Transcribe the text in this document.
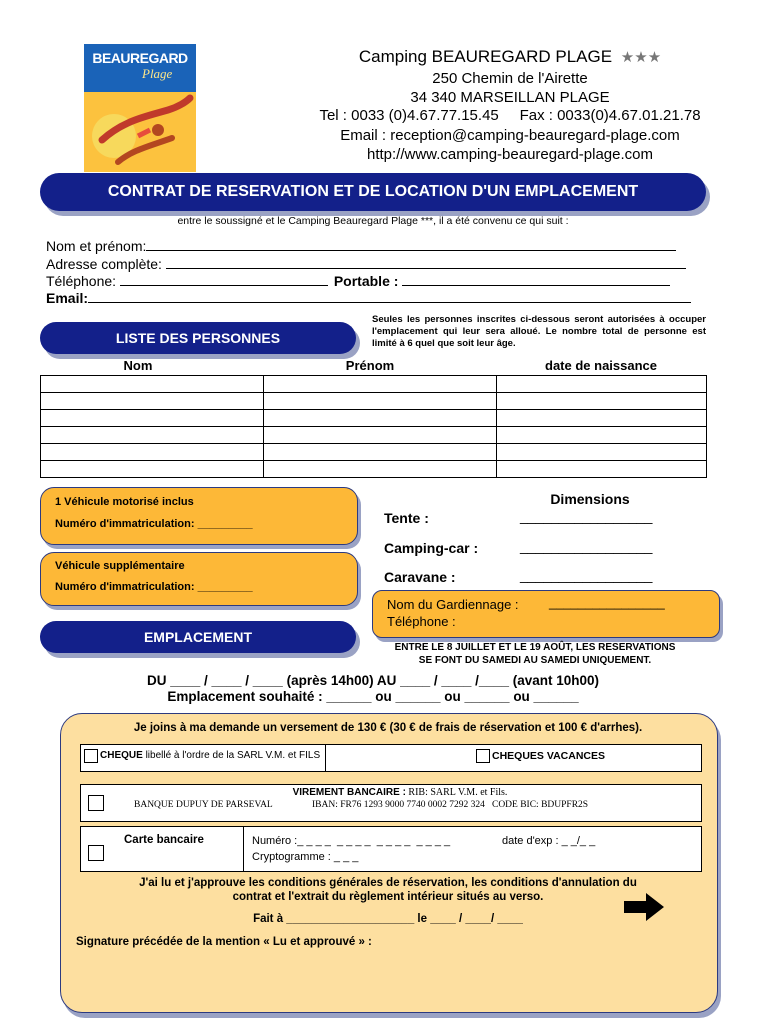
BEAUREGARD
Plage
Camping BEAUREGARD PLAGE ★★★
250 Chemin de l'Airette
34 340 MARSEILLAN PLAGE
Tel : 0033 (0)4.67.77.15.45     Fax : 0033(0)4.67.01.21.78
Email : reception@camping-beauregard-plage.com
http://www.camping-beauregard-plage.com
CONTRAT DE RESERVATION ET DE LOCATION D'UN EMPLACEMENT
entre le soussigné et le Camping Beauregard Plage ***, il a été convenu ce qui suit :
Nom et prénom:
Adresse complète:
Téléphone:	Portable :
Email:
LISTE DES PERSONNES
Seules les personnes inscrites ci-dessous seront autorisées à occuper l'emplacement qui leur sera alloué. Le nombre total de personne est limité à 6 quel que soit leur âge.
Nom	Prénom	date de naissance

1 Véhicule motorisé inclus
Numéro d'immatriculation: _________
Véhicule supplémentaire
Numéro d'immatriculation: _________
Dimensions
Tente :	_________________
Camping-car :	_________________
Caravane :	_________________
Nom du Gardiennage : ________________
Téléphone :
EMPLACEMENT
ENTRE LE 8 JUILLET ET LE 19 AOÛT, LES RESERVATIONS
SE FONT DU SAMEDI AU SAMEDI UNIQUEMENT.
DU ____ / ____ / ____ (après 14h00) AU ____ / ____ /____ (avant 10h00)
Emplacement souhaité : ______ ou ______ ou ______ ou ______
Je joins à ma demande un versement de 130 € (30 € de frais de réservation et 100 € d'arrhes).
CHEQUE libellé à l'ordre de la SARL V.M. et FILS	CHEQUES VACANCES
VIREMENT BANCAIRE : RIB: SARL V.M. et Fils.
BANQUE DUPUY DE PARSEVAL	IBAN: FR76 1293 9000 7740 0002 7292 324   CODE BIC: BDUPFR2S
Carte bancaire	Numéro :_ _ _ _  _ _ _ _  _ _ _ _  _ _ _ _	date d'exp : _ _/_ _
Cryptogramme : _ _ _
J'ai lu et j'approuve les conditions générales de réservation, les conditions d'annulation du
contrat et l'extrait du règlement intérieur situés au verso.
Fait à ____________________ le ____ / ____/ ____
Signature précédée de la mention « Lu et approuvé » :
